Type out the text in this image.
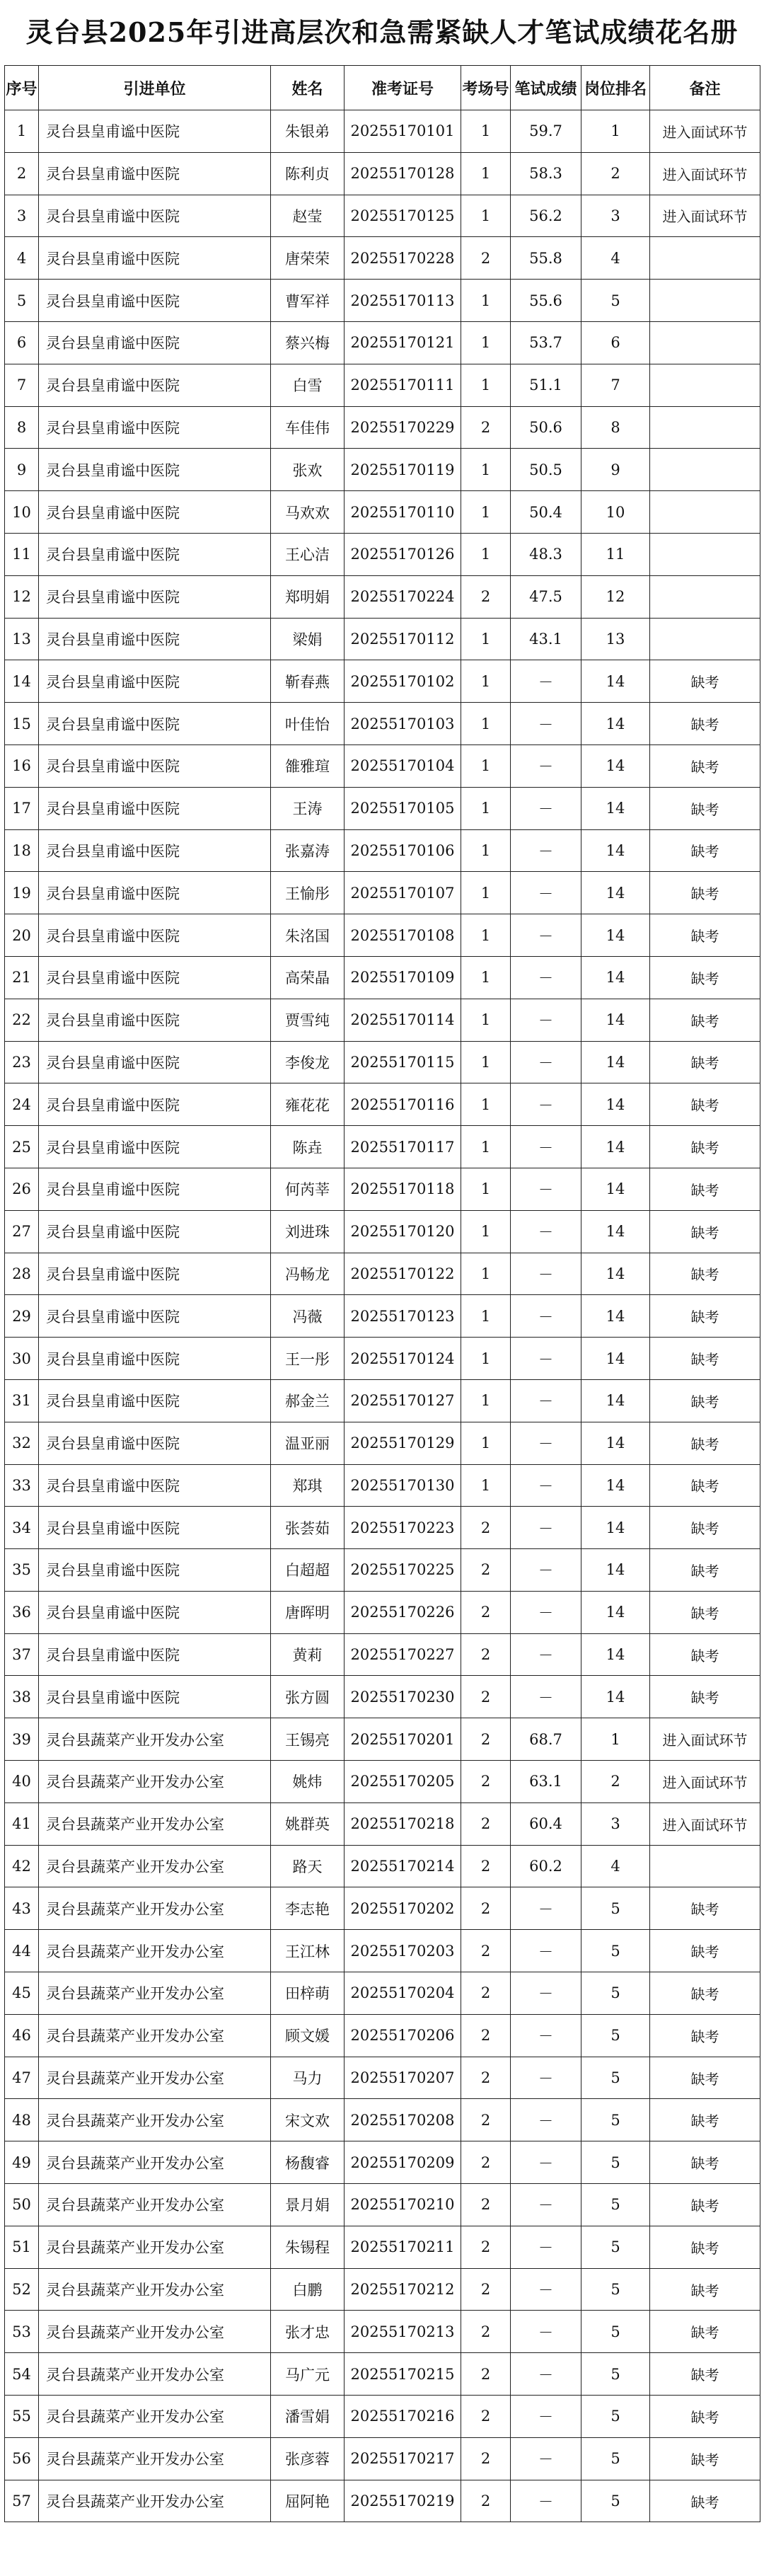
灵台县2025年引进高层次和急需紧缺人才笔试成绩花名册
序号	引进单位	姓名	准考证号	考场号	笔试成绩	岗位排名	备注
1	灵台县皇甫谧中医院	朱银弟	20255170101	1	59.7	1	进入面试环节
2	灵台县皇甫谧中医院	陈利贞	20255170128	1	58.3	2	进入面试环节
3	灵台县皇甫谧中医院	赵莹	20255170125	1	56.2	3	进入面试环节
4	灵台县皇甫谧中医院	唐荣荣	20255170228	2	55.8	4	
5	灵台县皇甫谧中医院	曹军祥	20255170113	1	55.6	5	
6	灵台县皇甫谧中医院	蔡兴梅	20255170121	1	53.7	6	
7	灵台县皇甫谧中医院	白雪	20255170111	1	51.1	7	
8	灵台县皇甫谧中医院	车佳伟	20255170229	2	50.6	8	
9	灵台县皇甫谧中医院	张欢	20255170119	1	50.5	9	
10	灵台县皇甫谧中医院	马欢欢	20255170110	1	50.4	10	
11	灵台县皇甫谧中医院	王心洁	20255170126	1	48.3	11	
12	灵台县皇甫谧中医院	郑明娟	20255170224	2	47.5	12	
13	灵台县皇甫谧中医院	梁娟	20255170112	1	43.1	13	
14	灵台县皇甫谧中医院	靳春燕	20255170102	1	－	14	缺考
15	灵台县皇甫谧中医院	叶佳怡	20255170103	1	－	14	缺考
16	灵台县皇甫谧中医院	雒雅瑄	20255170104	1	－	14	缺考
17	灵台县皇甫谧中医院	王涛	20255170105	1	－	14	缺考
18	灵台县皇甫谧中医院	张嘉涛	20255170106	1	－	14	缺考
19	灵台县皇甫谧中医院	王愉彤	20255170107	1	－	14	缺考
20	灵台县皇甫谧中医院	朱洺国	20255170108	1	－	14	缺考
21	灵台县皇甫谧中医院	高荣晶	20255170109	1	－	14	缺考
22	灵台县皇甫谧中医院	贾雪纯	20255170114	1	－	14	缺考
23	灵台县皇甫谧中医院	李俊龙	20255170115	1	－	14	缺考
24	灵台县皇甫谧中医院	雍花花	20255170116	1	－	14	缺考
25	灵台县皇甫谧中医院	陈垚	20255170117	1	－	14	缺考
26	灵台县皇甫谧中医院	何芮莘	20255170118	1	－	14	缺考
27	灵台县皇甫谧中医院	刘进珠	20255170120	1	－	14	缺考
28	灵台县皇甫谧中医院	冯畅龙	20255170122	1	－	14	缺考
29	灵台县皇甫谧中医院	冯薇	20255170123	1	－	14	缺考
30	灵台县皇甫谧中医院	王一彤	20255170124	1	－	14	缺考
31	灵台县皇甫谧中医院	郝金兰	20255170127	1	－	14	缺考
32	灵台县皇甫谧中医院	温亚丽	20255170129	1	－	14	缺考
33	灵台县皇甫谧中医院	郑琪	20255170130	1	－	14	缺考
34	灵台县皇甫谧中医院	张荟茹	20255170223	2	－	14	缺考
35	灵台县皇甫谧中医院	白超超	20255170225	2	－	14	缺考
36	灵台县皇甫谧中医院	唐晖明	20255170226	2	－	14	缺考
37	灵台县皇甫谧中医院	黄莉	20255170227	2	－	14	缺考
38	灵台县皇甫谧中医院	张方圆	20255170230	2	－	14	缺考
39	灵台县蔬菜产业开发办公室	王锡亮	20255170201	2	68.7	1	进入面试环节
40	灵台县蔬菜产业开发办公室	姚炜	20255170205	2	63.1	2	进入面试环节
41	灵台县蔬菜产业开发办公室	姚群英	20255170218	2	60.4	3	进入面试环节
42	灵台县蔬菜产业开发办公室	路天	20255170214	2	60.2	4	
43	灵台县蔬菜产业开发办公室	李志艳	20255170202	2	－	5	缺考
44	灵台县蔬菜产业开发办公室	王江林	20255170203	2	－	5	缺考
45	灵台县蔬菜产业开发办公室	田梓萌	20255170204	2	－	5	缺考
46	灵台县蔬菜产业开发办公室	顾文媛	20255170206	2	－	5	缺考
47	灵台县蔬菜产业开发办公室	马力	20255170207	2	－	5	缺考
48	灵台县蔬菜产业开发办公室	宋文欢	20255170208	2	－	5	缺考
49	灵台县蔬菜产业开发办公室	杨馥睿	20255170209	2	－	5	缺考
50	灵台县蔬菜产业开发办公室	景月娟	20255170210	2	－	5	缺考
51	灵台县蔬菜产业开发办公室	朱锡程	20255170211	2	－	5	缺考
52	灵台县蔬菜产业开发办公室	白鹏	20255170212	2	－	5	缺考
53	灵台县蔬菜产业开发办公室	张才忠	20255170213	2	－	5	缺考
54	灵台县蔬菜产业开发办公室	马广元	20255170215	2	－	5	缺考
55	灵台县蔬菜产业开发办公室	潘雪娟	20255170216	2	－	5	缺考
56	灵台县蔬菜产业开发办公室	张彦蓉	20255170217	2	－	5	缺考
57	灵台县蔬菜产业开发办公室	屈阿艳	20255170219	2	－	5	缺考
